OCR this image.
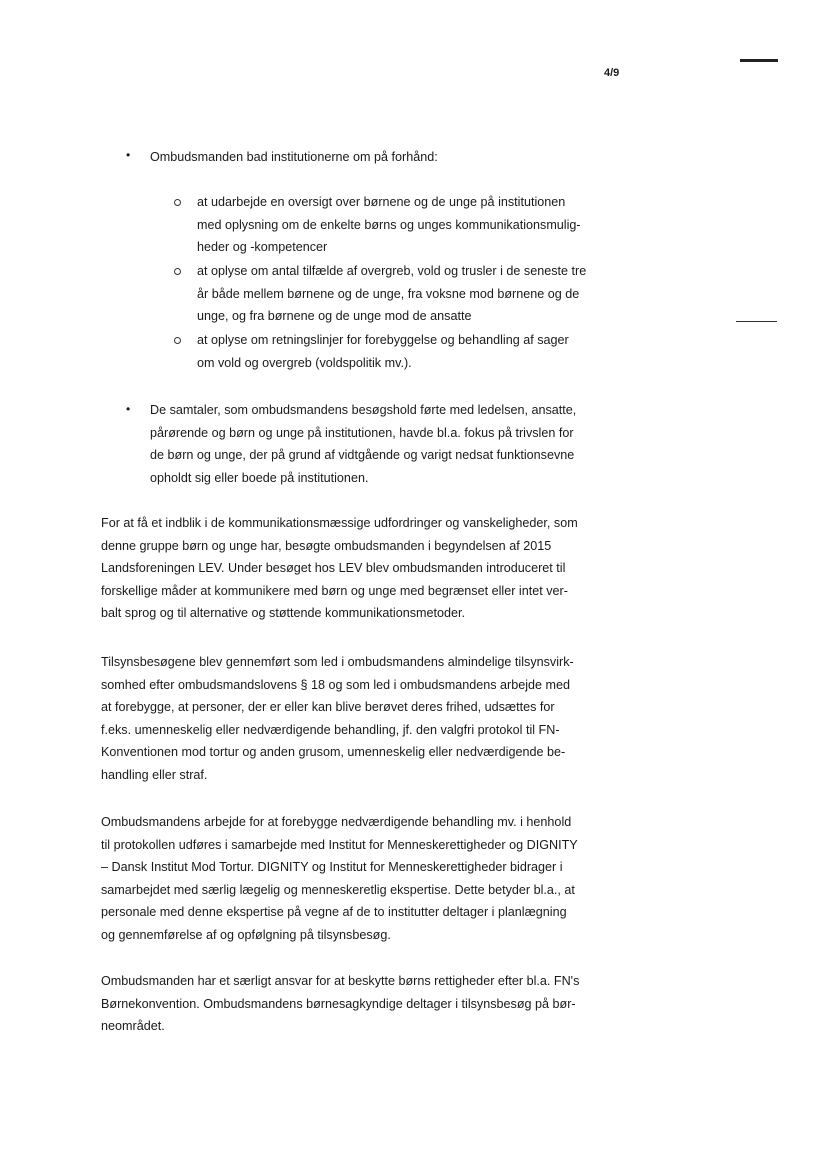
4/9
• Ombudsmanden bad institutionerne om på forhånd:
at udarbejde en oversigt over børnene og de unge på institutionen
med oplysning om de enkelte børns og unges kommunikationsmulig-
heder og -kompetencer
at oplyse om antal tilfælde af overgreb, vold og trusler i de seneste tre
år både mellem børnene og de unge, fra voksne mod børnene og de
unge, og fra børnene og de unge mod de ansatte
at oplyse om retningslinjer for forebyggelse og behandling af sager
om vold og overgreb (voldspolitik mv.).
• De samtaler, som ombudsmandens besøgshold førte med ledelsen, ansatte,
pårørende og børn og unge på institutionen, havde bl.a. fokus på trivslen for
de børn og unge, der på grund af vidtgående og varigt nedsat funktionsevne
opholdt sig eller boede på institutionen.
For at få et indblik i de kommunikationsmæssige udfordringer og vanskeligheder, som
denne gruppe børn og unge har, besøgte ombudsmanden i begyndelsen af 2015
Landsforeningen LEV. Under besøget hos LEV blev ombudsmanden introduceret til
forskellige måder at kommunikere med børn og unge med begrænset eller intet ver-
balt sprog og til alternative og støttende kommunikationsmetoder.
Tilsynsbesøgene blev gennemført som led i ombudsmandens almindelige tilsynsvirk-
somhed efter ombudsmandslovens § 18 og som led i ombudsmandens arbejde med
at forebygge, at personer, der er eller kan blive berøvet deres frihed, udsættes for
f.eks. umenneskelig eller nedværdigende behandling, jf. den valgfri protokol til FN-
Konventionen mod tortur og anden grusom, umenneskelig eller nedværdigende be-
handling eller straf.
Ombudsmandens arbejde for at forebygge nedværdigende behandling mv. i henhold
til protokollen udføres i samarbejde med Institut for Menneskerettigheder og DIGNITY
– Dansk Institut Mod Tortur. DIGNITY og Institut for Menneskerettigheder bidrager i
samarbejdet med særlig lægelig og menneskeretlig ekspertise. Dette betyder bl.a., at
personale med denne ekspertise på vegne af de to institutter deltager i planlægning
og gennemførelse af og opfølgning på tilsynsbesøg.
Ombudsmanden har et særligt ansvar for at beskytte børns rettigheder efter bl.a. FN's
Børnekonvention. Ombudsmandens børnesagkyndige deltager i tilsynsbesøg på bør-
neområdet.
